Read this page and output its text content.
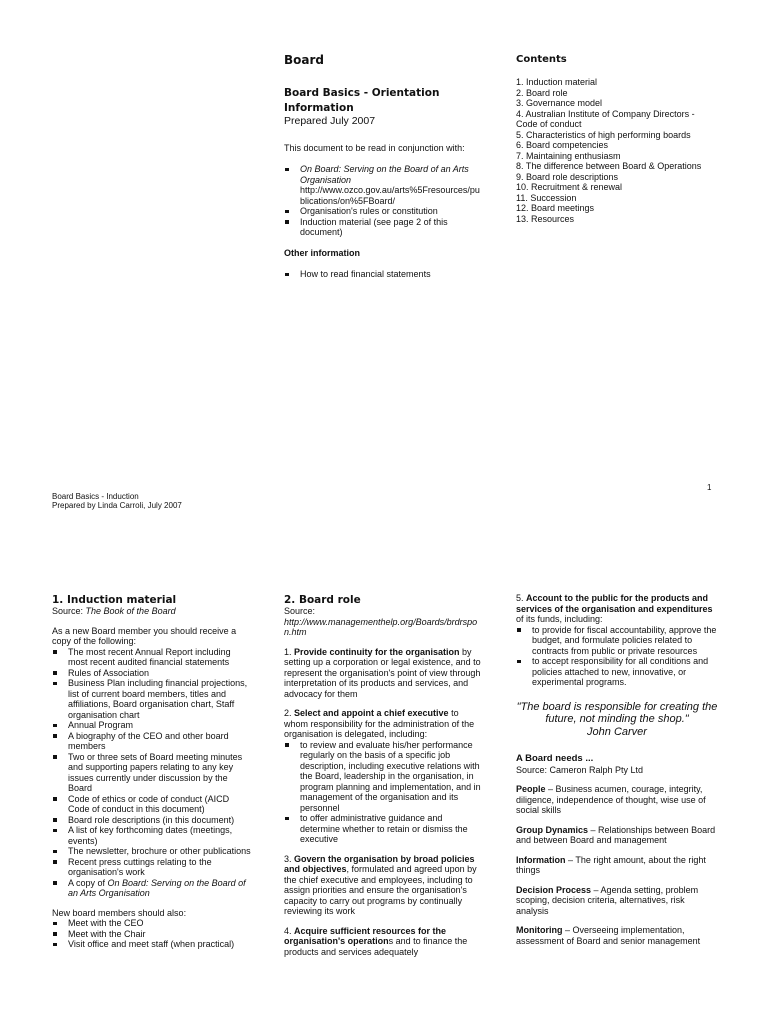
Board
Board Basics - Orientation Information
Prepared July 2007
This document to be read in conjunction with:
On Board: Serving on the Board of an Arts Organisation
http://www.ozco.gov.au/arts%5Fresources/publications/on%5FBoard/
Organisation's rules or constitution
Induction material (see page 2 of this document)
Other information
How to read financial statements
Contents
1. Induction material
2. Board role
3. Governance model
4. Australian Institute of Company Directors - Code of conduct
5. Characteristics of high performing boards
6. Board competencies
7. Maintaining enthusiasm
8. The difference between Board & Operations
9. Board role descriptions
10. Recruitment & renewal
11. Succession
12. Board meetings
13. Resources
1
Board Basics - Induction
Prepared by Linda Carroli, July 2007
1. Induction material
Source: The Book of the Board
As a new Board member you should receive a copy of the following:
The most recent Annual Report including most recent audited financial statements
Rules of Association
Business Plan including financial projections, list of current board members, titles and affiliations, Board organisation chart, Staff organisation chart
Annual Program
A biography of the CEO and other board members
Two or three sets of Board meeting minutes and supporting papers relating to any key issues currently under discussion by the Board
Code of ethics or code of conduct (AICD Code of conduct in this document)
Board role descriptions (in this document)
A list of key forthcoming dates (meetings, events)
The newsletter, brochure or other publications
Recent press cuttings relating to the organisation's work
A copy of On Board: Serving on the Board of an Arts Organisation
New board members should also:
Meet with the CEO
Meet with the Chair
Visit office and meet staff (when practical)
2. Board role
Source:
http://www.managementhelp.org/Boards/brdrspon.htm
1. Provide continuity for the organisation by setting up a corporation or legal existence, and to represent the organisation's point of view through interpretation of its products and services, and advocacy for them
2. Select and appoint a chief executive to whom responsibility for the administration of the organisation is delegated, including:
to review and evaluate his/her performance regularly on the basis of a specific job description, including executive relations with the Board, leadership in the organisation, in program planning and implementation, and in management of the organisation and its personnel
to offer administrative guidance and determine whether to retain or dismiss the executive
3. Govern the organisation by broad policies and objectives, formulated and agreed upon by the chief executive and employees, including to assign priorities and ensure the organisation's capacity to carry out programs by continually reviewing its work
4. Acquire sufficient resources for the organisation's operations and to finance the products and services adequately
5. Account to the public for the products and services of the organisation and expenditures of its funds, including:
to provide for fiscal accountability, approve the budget, and formulate policies related to contracts from public or private resources
to accept responsibility for all conditions and policies attached to new, innovative, or experimental programs.
"The board is responsible for creating the
future, not minding the shop."
John Carver
A Board needs ...
Source: Cameron Ralph Pty Ltd
People – Business acumen, courage, integrity, diligence, independence of thought, wise use of social skills
Group Dynamics – Relationships between Board and between Board and management
Information – The right amount, about the right things
Decision Process – Agenda setting, problem scoping, decision criteria, alternatives, risk analysis
Monitoring – Overseeing implementation, assessment of Board and senior management
